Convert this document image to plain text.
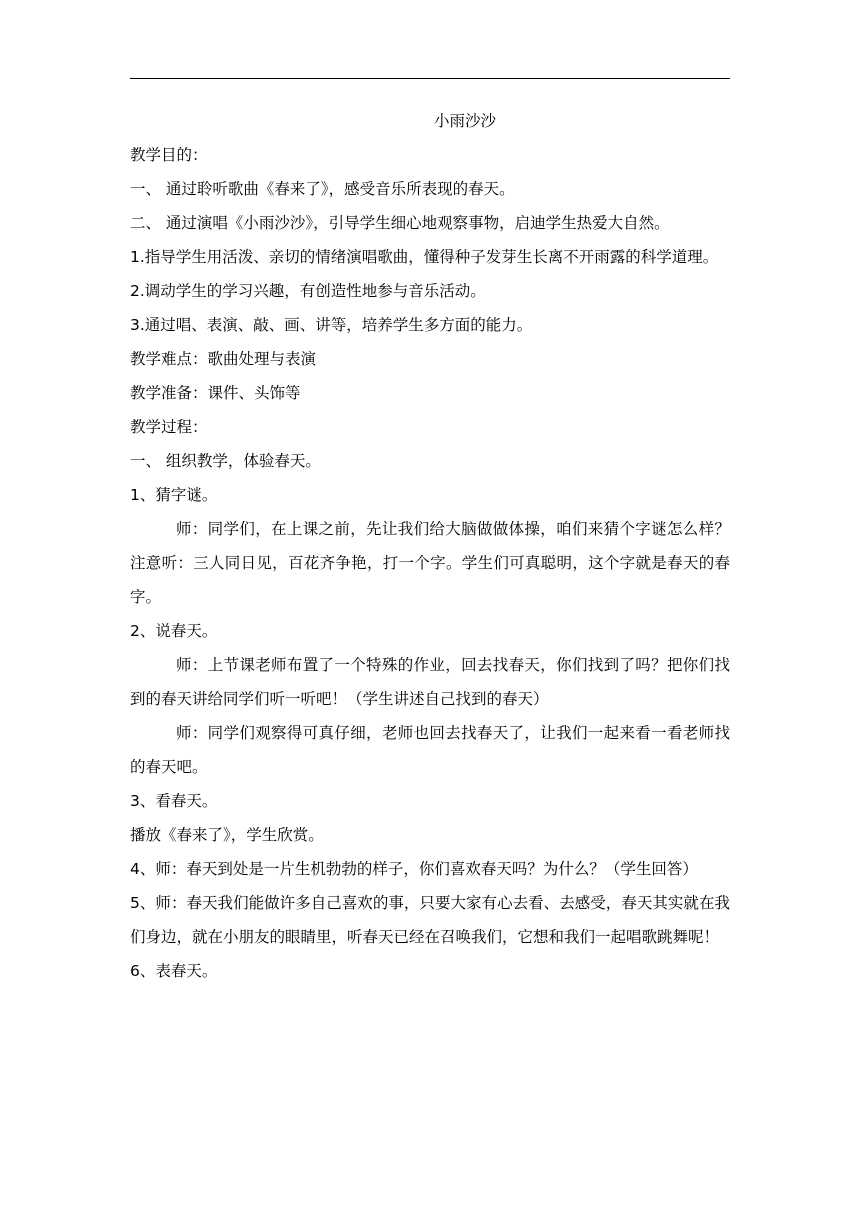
小雨沙沙
教学目的：
一、 通过聆听歌曲《春来了》，感受音乐所表现的春天。
二、 通过演唱《小雨沙沙》，引导学生细心地观察事物，启迪学生热爱大自然。
1.指导学生用活泼、亲切的情绪演唱歌曲，懂得种子发芽生长离不开雨露的科学道理。
2.调动学生的学习兴趣，有创造性地参与音乐活动。
3.通过唱、表演、敲、画、讲等，培养学生多方面的能力。
教学难点：歌曲处理与表演
教学准备：课件、头饰等
教学过程：
一、 组织教学，体验春天。
1、猜字谜。
师：同学们，在上课之前，先让我们给大脑做做体操，咱们来猜个字谜怎么样？注意听：三人同日见，百花齐争艳，打一个字。学生们可真聪明，这个字就是春天的春字。
2、说春天。
师：上节课老师布置了一个特殊的作业，回去找春天，你们找到了吗？把你们找到的春天讲给同学们听一听吧！（学生讲述自己找到的春天）
师：同学们观察得可真仔细，老师也回去找春天了，让我们一起来看一看老师找的春天吧。
3、看春天。
播放《春来了》，学生欣赏。
4、师：春天到处是一片生机勃勃的样子，你们喜欢春天吗？为什么？（学生回答）
5、师：春天我们能做许多自己喜欢的事，只要大家有心去看、去感受，春天其实就在我们身边，就在小朋友的眼睛里，听春天已经在召唤我们，它想和我们一起唱歌跳舞呢！
6、表春天。
